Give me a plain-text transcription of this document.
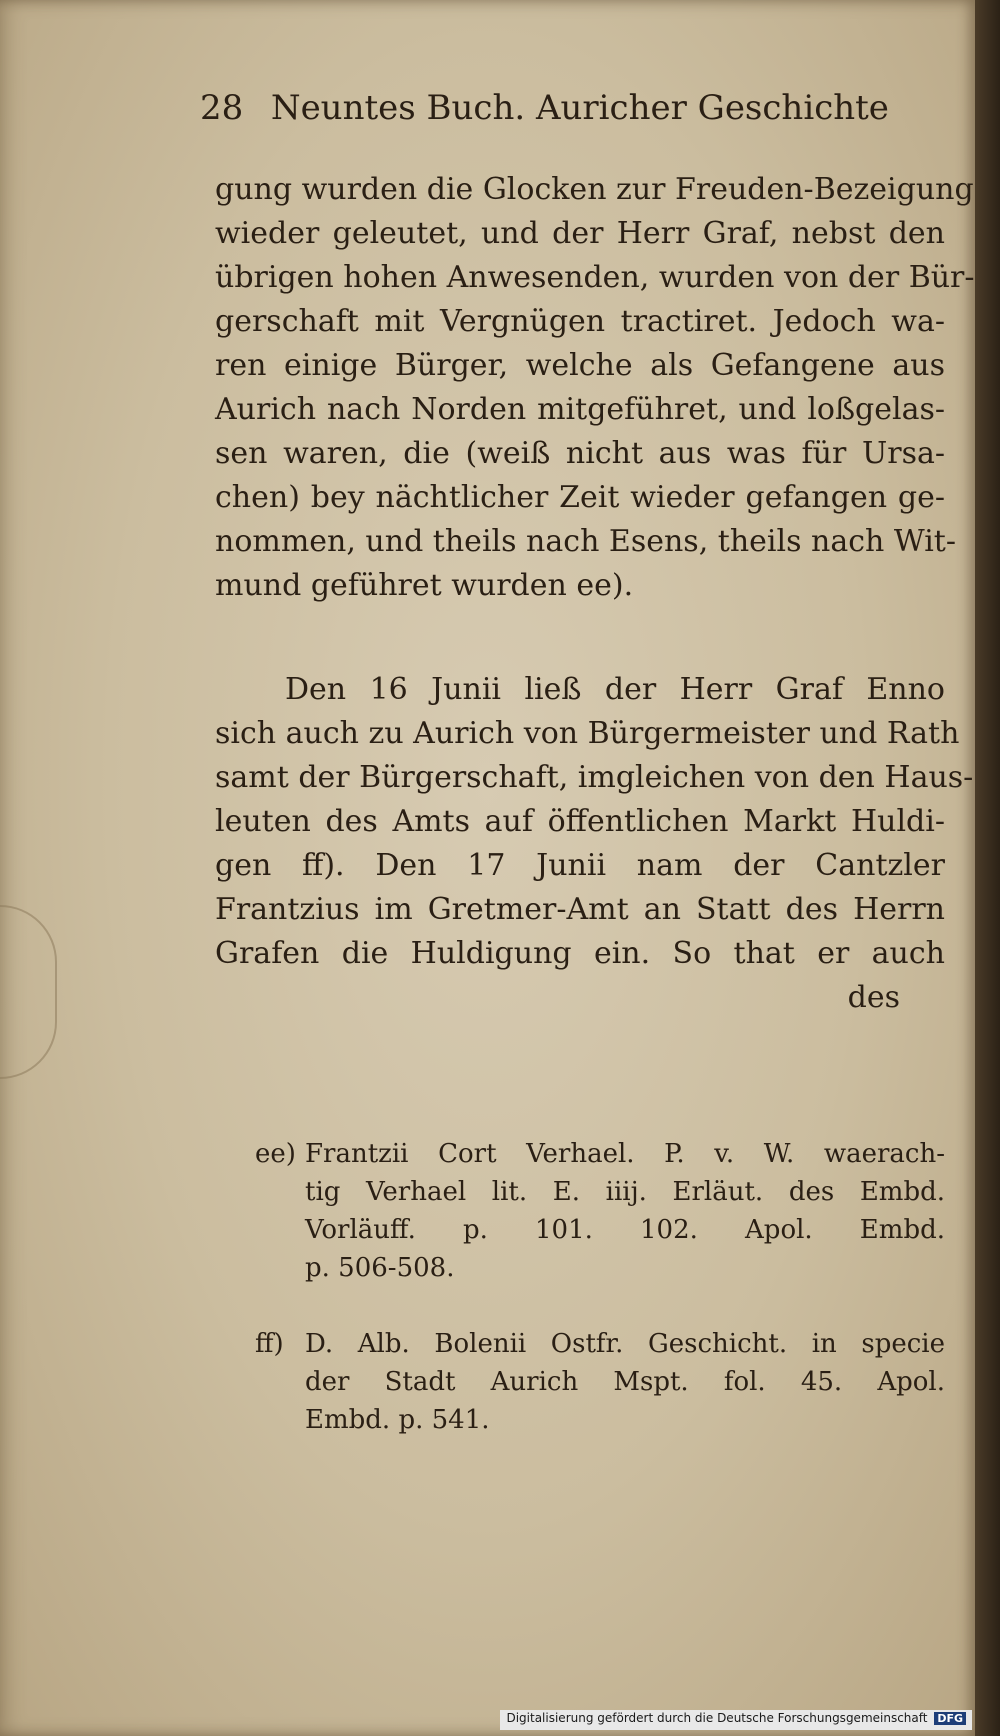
28 Neuntes Buch. Auricher Geschichte
gung wurden die Glocken zur Freuden-Bezeigung
wieder geleutet, und der Herr Graf, nebst den
übrigen hohen Anwesenden, wurden von der Bür-
gerschaft mit Vergnügen tractiret. Jedoch wa-
ren einige Bürger, welche als Gefangene aus
Aurich nach Norden mitgeführet, und loßgelas-
sen waren, die (weiß nicht aus was für Ursa-
chen) bey nächtlicher Zeit wieder gefangen ge-
nommen, und theils nach Esens, theils nach Wit-
mund geführet wurden ee).
Den 16 Junii ließ der Herr Graf Enno
sich auch zu Aurich von Bürgermeister und Rath
samt der Bürgerschaft, imgleichen von den Haus-
leuten des Amts auf öffentlichen Markt Huldi-
gen ff). Den 17 Junii nam der Cantzler
Frantzius im Gretmer-Amt an Statt des Herrn
Grafen die Huldigung ein. So that er auch
des
ee) Frantzii Cort Verhael. P. v. W. waerach-
tig Verhael lit. E. iiij. Erläut. des Embd.
Vorläuff. p. 101. 102. Apol. Embd.
p. 506-508.
ff) D. Alb. Bolenii Ostfr. Geschicht. in specie
der Stadt Aurich Mspt. fol. 45. Apol.
Embd. p. 541.
Digitalisierung gefördert durch die Deutsche Forschungsgemeinschaft DFG
